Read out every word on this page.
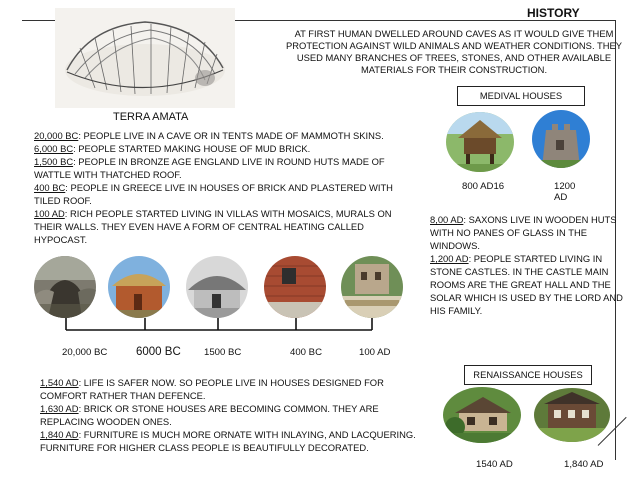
HISTORY
AT FIRST HUMAN DWELLED AROUND CAVES AS IT WOULD GIVE THEM PROTECTION AGAINST WILD ANIMALS AND WEATHER CONDITIONS. THEY USED MANY BRANCHES OF TREES, STONES, AND OTHER AVAILABLE MATERIALS FOR THEIR CONSTRUCTION.
TERRA AMATA

20,000 BC: PEOPLE LIVE IN A CAVE OR IN TENTS MADE OF MAMMOTH SKINS.

6,000 BC: PEOPLE STARTED MAKING HOUSE OF MUD BRICK.

1,500 BC: PEOPLE IN BRONZE AGE ENGLAND LIVE IN ROUND HUTS MADE OF WATTLE WITH THATCHED ROOF.

400 BC: PEOPLE IN GREECE LIVE IN HOUSES OF BRICK AND PLASTERED WITH TILED ROOF.

100 AD: RICH PEOPLE STARTED LIVING IN VILLAS WITH MOSAICS, MURALS ON THEIR WALLS. THEY EVEN HAVE A FORM OF CENTRAL HEATING CALLED HYPOCAST.

20,000 BC 6000 BC 1500 BC	400 BC	100 AD

1,540 AD: LIFE IS SAFER NOW. SO PEOPLE LIVE IN HOUSES DESIGNED FOR COMFORT RATHER THAN DEFENCE.

1,630 AD: BRICK OR STONE HOUSES ARE BECOMING COMMON. THEY ARE REPLACING WOODEN ONES.

1,840 AD: FURNITURE IS MUCH MORE ORNATE WITH INLAYING, AND LACQUERING. FURNITURE FOR HIGHER CLASS PEOPLE IS BEAUTIFULLY DECORATED.

MEDIVAL HOUSES
800 AD16	1200 AD

8,00 AD: SAXONS LIVE IN WOODEN HUTS WITH NO PANES OF GLASS IN THE WINDOWS.

1,200 AD: PEOPLE STARTED LIVING IN STONE CASTLES. IN THE CASTLE MAIN ROOMS ARE THE GREAT HALL AND THE SOLAR WHICH IS USED BY THE LORD AND HIS FAMILY.

RENAISSANCE HOUSES
1540 AD	1,840 AD
